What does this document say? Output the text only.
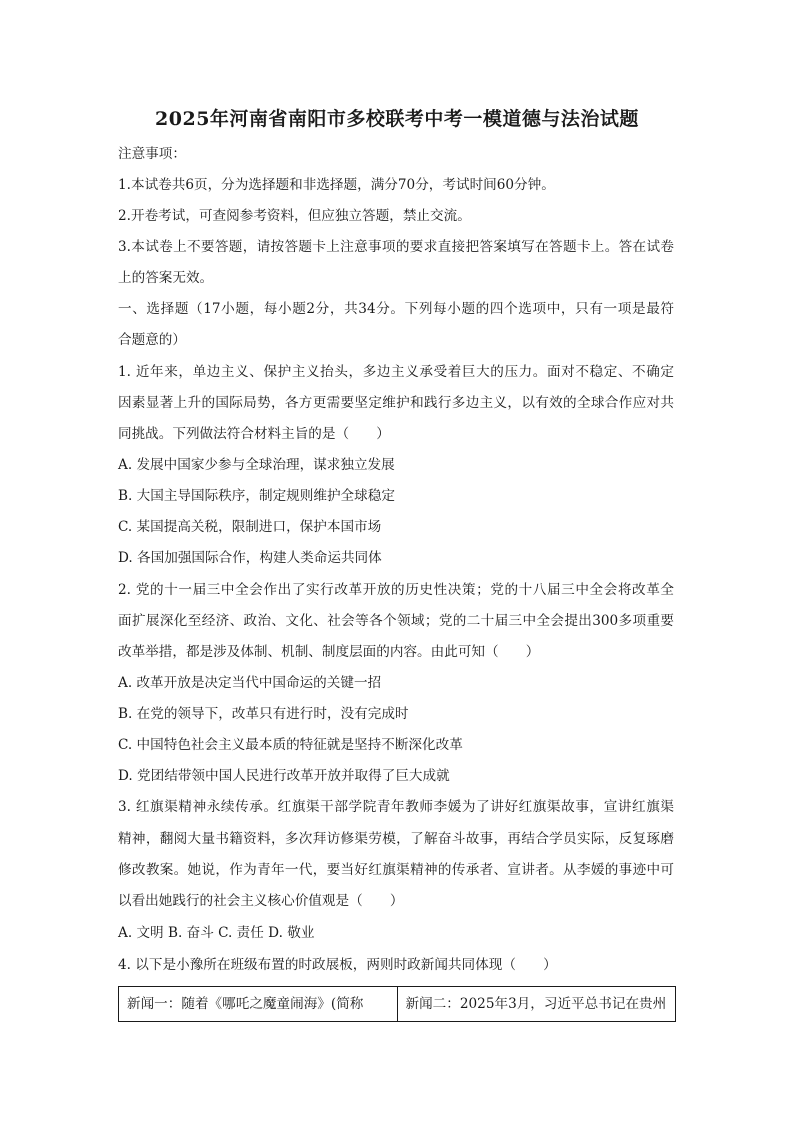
2025年河南省南阳市多校联考中考一模道德与法治试题
注意事项：
1.本试卷共6页，分为选择题和非选择题，满分70分，考试时间60分钟。
2.开卷考试，可查阅参考资料，但应独立答题，禁止交流。
3.本试卷上不要答题，请按答题卡上注意事项的要求直接把答案填写在答题卡上。答在试卷
上的答案无效。
一、选择题（17小题，每小题2分，共34分。下列每小题的四个选项中，只有一项是最符
合题意的）
1. 近年来，单边主义、保护主义抬头，多边主义承受着巨大的压力。面对不稳定、不确定
因素显著上升的国际局势，各方更需要坚定维护和践行多边主义，以有效的全球合作应对共
同挑战。下列做法符合材料主旨的是（　　）
A. 发展中国家少参与全球治理，谋求独立发展
B. 大国主导国际秩序，制定规则维护全球稳定
C. 某国提高关税，限制进口，保护本国市场
D. 各国加强国际合作，构建人类命运共同体
2. 党的十一届三中全会作出了实行改革开放的历史性决策；党的十八届三中全会将改革全
面扩展深化至经济、政治、文化、社会等各个领域；党的二十届三中全会提出300多项重要
改革举措，都是涉及体制、机制、制度层面的内容。由此可知（　　）
A. 改革开放是决定当代中国命运的关键一招
B. 在党的领导下，改革只有进行时，没有完成时
C. 中国特色社会主义最本质的特征就是坚持不断深化改革
D. 党团结带领中国人民进行改革开放并取得了巨大成就
3. 红旗渠精神永续传承。红旗渠干部学院青年教师李媛为了讲好红旗渠故事，宣讲红旗渠
精神，翻阅大量书籍资料，多次拜访修渠劳模，了解奋斗故事，再结合学员实际，反复琢磨
修改教案。她说，作为青年一代，要当好红旗渠精神的传承者、宣讲者。从李媛的事迹中可
以看出她践行的社会主义核心价值观是（　　）
A. 文明 B. 奋斗 C. 责任 D. 敬业
4. 以下是小豫所在班级布置的时政展板，两则时政新闻共同体现（　　）
新闻一：随着《哪吒之魔童闹海》(简称	新闻二：2025年3月，习近平总书记在贵州
